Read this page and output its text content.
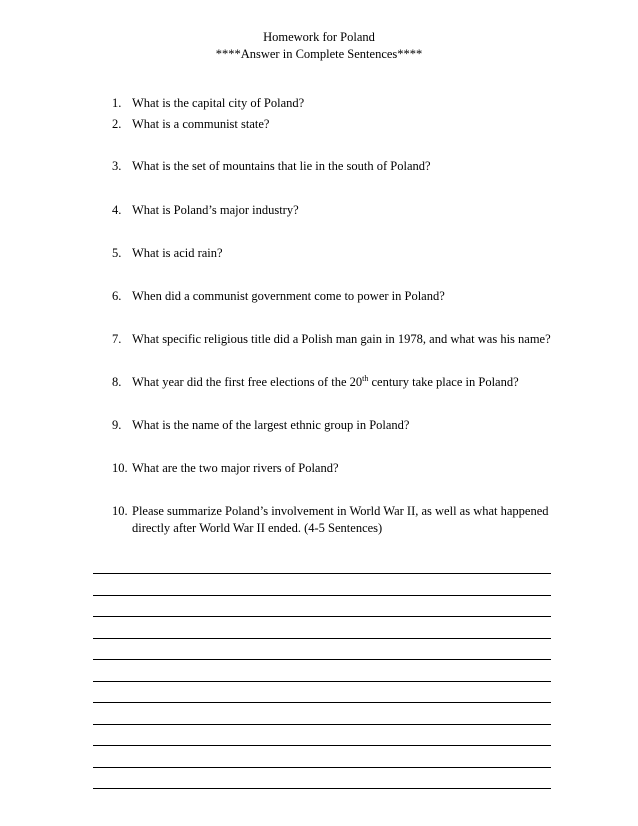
Homework for Poland
****Answer in Complete Sentences****
1. What is the capital city of Poland?
2. What is a communist state?
3. What is the set of mountains that lie in the south of Poland?
4. What is Poland’s major industry?
5. What is acid rain?
6. When did a communist government come to power in Poland?
7. What specific religious title did a Polish man gain in 1978, and what was his name?
8. What year did the first free elections of the 20th century take place in Poland?
9. What is the name of the largest ethnic group in Poland?
10. What are the two major rivers of Poland?
10. Please summarize Poland’s involvement in World War II, as well as what happened
directly after World War II ended. (4-5 Sentences)
